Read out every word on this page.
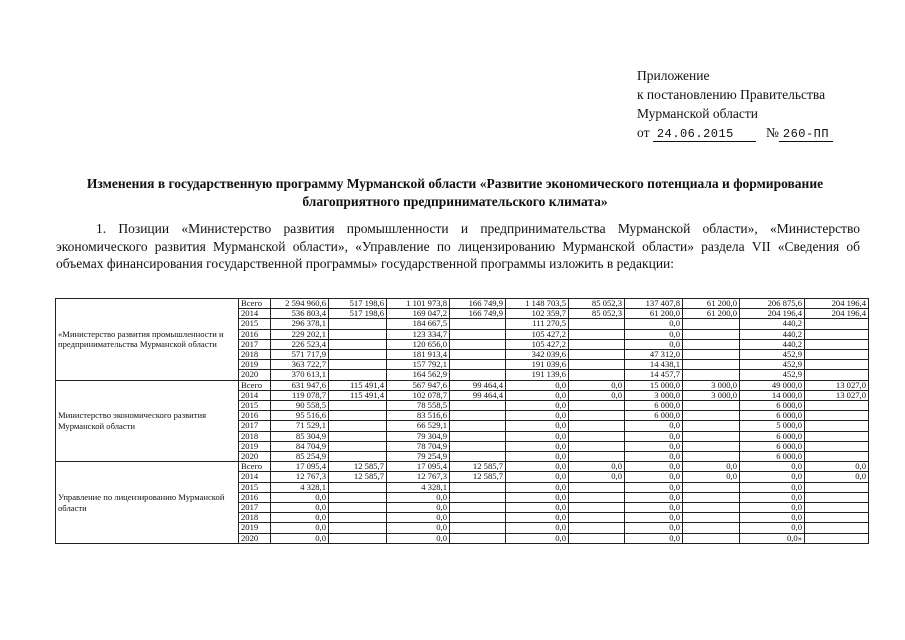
Приложение
к постановлению Правительства
Мурманской области
от 24.06.2015 № 260-ПП
Изменения в государственную программу Мурманской области «Развитие экономического потенциала и формирование благоприятного предпринимательского климата»
1. Позиции «Министерство развития промышленности и предпринимательства Мурманской области», «Министерство экономического развития Мурманской области», «Управление по лицензированию Мурманской области» раздела VII «Сведения об объемах финансирования государственной программы» государственной программы изложить в редакции:
«Министерство развития промышленности и предпринимательства Мурманской области	Всего	2 594 960,6	517 198,6	1 101 973,8	166 749,9	1 148 703,5	85 052,3	137 407,8	61 200,0	206 875,6	204 196,4
	2014	536 803,4	517 198,6	169 047,2	166 749,9	102 359,7	85 052,3	61 200,0	61 200,0	204 196,4	204 196,4
	2015	296 378,1		184 667,5		111 270,5		0,0		440,2	
	2016	229 202,1		123 334,7		105 427,2		0,0		440,2	
	2017	226 523,4		120 656,0		105 427,2		0,0		440,2	
	2018	571 717,9		181 913,4		342 039,6		47 312,0		452,9	
	2019	363 722,7		157 792,1		191 039,6		14 438,1		452,9	
	2020	370 613,1		164 562,9		191 139,6		14 457,7		452,9	
Министерство экономического развития Мурманской области	Всего	631 947,6	115 491,4	567 947,6	99 464,4	0,0	0,0	15 000,0	3 000,0	49 000,0	13 027,0
	2014	119 078,7	115 491,4	102 078,7	99 464,4	0,0	0,0	3 000,0	3 000,0	14 000,0	13 027,0
	2015	90 558,5		78 558,5		0,0		6 000,0		6 000,0	
	2016	95 516,6		83 516,6		0,0		6 000,0		6 000,0	
	2017	71 529,1		66 529,1		0,0		0,0		5 000,0	
	2018	85 304,9		79 304,9		0,0		0,0		6 000,0	
	2019	84 704,9		78 704,9		0,0		0,0		6 000,0	
	2020	85 254,9		79 254,9		0,0		0,0		6 000,0	
Управление по лицензированию Мурманской области	Всего	17 095,4	12 585,7	17 095,4	12 585,7	0,0	0,0	0,0	0,0	0,0	0,0
	2014	12 767,3	12 585,7	12 767,3	12 585,7	0,0	0,0	0,0	0,0	0,0	0,0
	2015	4 328,1		4 328,1		0,0		0,0		0,0	
	2016	0,0		0,0		0,0		0,0		0,0	
	2017	0,0		0,0		0,0		0,0		0,0	
	2018	0,0		0,0		0,0		0,0		0,0	
	2019	0,0		0,0		0,0		0,0		0,0	
	2020	0,0		0,0		0,0		0,0		0,0»	
